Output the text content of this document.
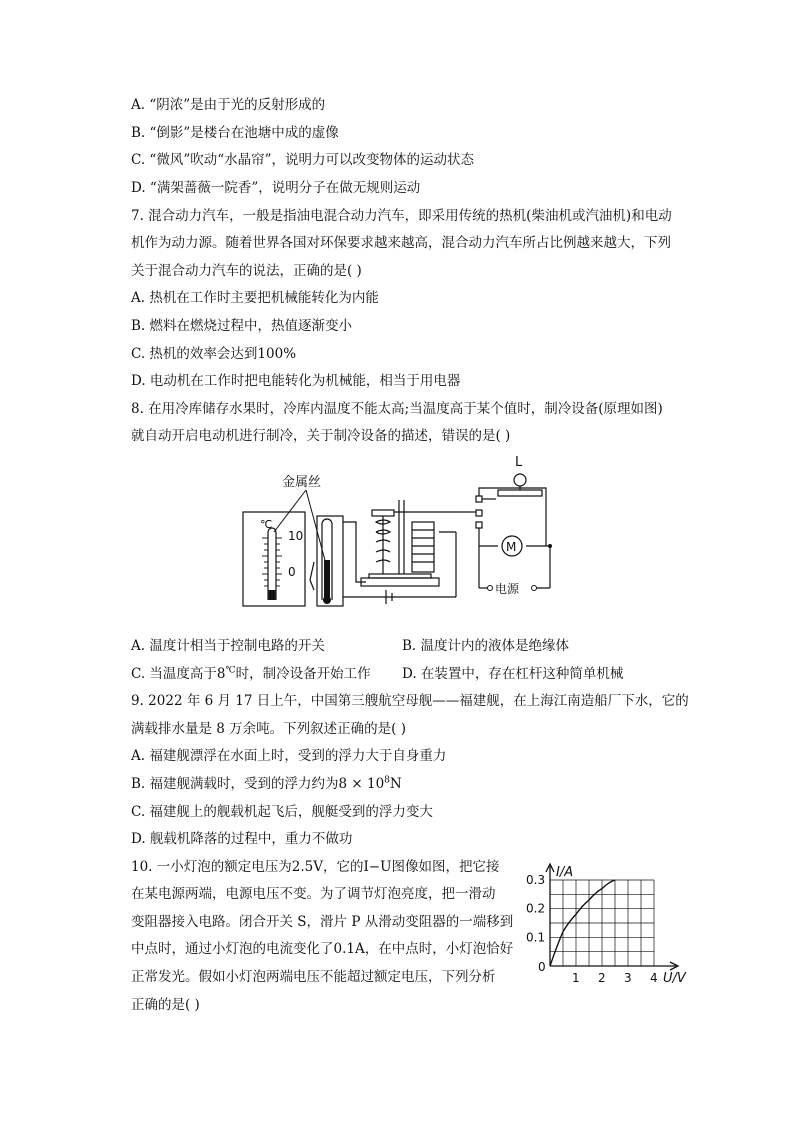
A. “阴浓”是由于光的反射形成的
B. “倒影”是楼台在池塘中成的虚像
C. “微风”吹动“水晶帘”，说明力可以改变物体的运动状态
D. “满架蔷薇一院香”，说明分子在做无规则运动
7. 混合动力汽车，一般是指油电混合动力汽车，即采用传统的热机(柴油机或汽油机)和电动
机作为动力源。随着世界各国对环保要求越来越高，混合动力汽车所占比例越来越大，下列
关于混合动力汽车的说法，正确的是( )
A. 热机在工作时主要把机械能转化为内能
B. 燃料在燃烧过程中，热值逐渐变小
C. 热机的效率会达到100%
D. 电动机在工作时把电能转化为机械能，相当于用电器
8. 在用冷库储存水果时，冷库内温度不能太高;当温度高于某个值时，制冷设备(原理如图)
就自动开启电动机进行制冷，关于制冷设备的描述，错误的是( )
金属丝
℃
10
0
L
M
电源
A. 温度计相当于控制电路的开关	B. 温度计内的液体是绝缘体
C. 当温度高于8℃时，制冷设备开始工作 D. 在装置中，存在杠杆这种简单机械
9. 2022 年 6 月 17 日上午，中国第三艘航空母舰——福建舰，在上海江南造船厂下水，它的
满载排水量是 8 万余吨。下列叙述正确的是( )
A. 福建舰漂浮在水面上时，受到的浮力大于自身重力
B. 福建舰满载时，受到的浮力约为$8 \times 10^8N$
C. 福建舰上的舰载机起飞后，舰艇受到的浮力变大
D. 舰载机降落的过程中，重力不做功
10. 一小灯泡的额定电压为2.5V，它的I−U图像如图，把它接
在某电源两端，电源电压不变。为了调节灯泡亮度，把一滑动
变阻器接入电路。闭合开关 S，滑片 P 从滑动变阻器的一端移到
中点时，通过小灯泡的电流变化了0.1A，在中点时，小灯泡恰好
正常发光。假如小灯泡两端电压不能超过额定电压，下列分析
正确的是( )
0.3
0.2
0.1
1 2 3 4
I/A
U/V
0
